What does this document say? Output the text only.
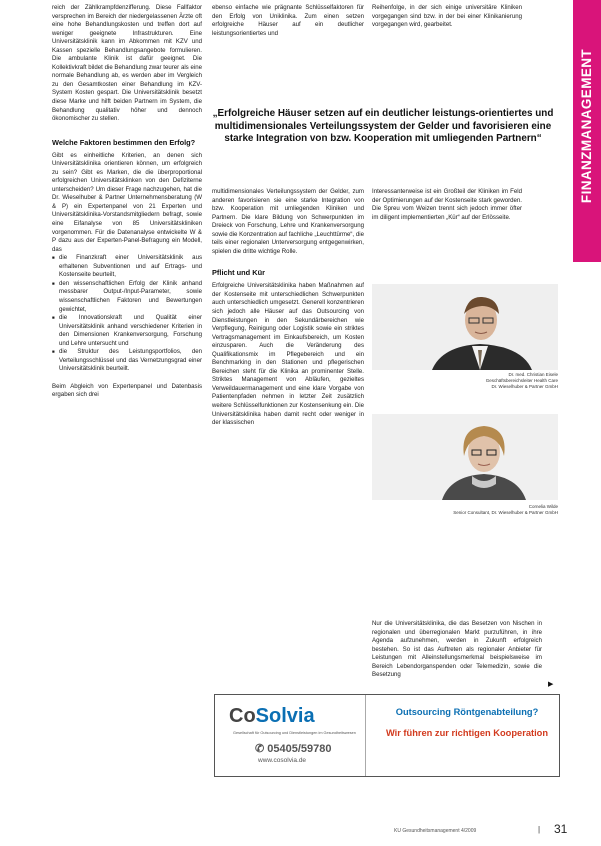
FINANZMANAGEMENT

reich der Zählkrampfdenzifferung. Diese Fallfaktor versprechen im Bereich der niedergelassenen Ärzte oft eine hohe Behandlungskosten und treffen dort auf weniger geeignete Infrastrukturen. Eine Universitätsklinik kann im Abkommen mit KZV und Kassen spezielle Behandlungsangebote formulieren. Die ambulante Klinik ist dafür geeignet. Die Kollektivkraft bildet die Behandlung zwar teurer als eine normale Behandlung ab, es werden aber im Vergleich zu den Gesamtkosten einer Behandlung im KZV-System Kosten gespart. Die Universitätsklinik besetzt diese Marke und hilft beiden Partnern im System, die Behandlung qualitativ höher und dennoch ökonomischer zu stellen.

Welche Faktoren bestimmen den Erfolg?

Gibt es einheitliche Kriterien, an denen sich Universitätsklinika orientieren können, um erfolgreich zu sein? Gibt es Marken, die die überproportional erfolgreichen Universitätsklinken von den Defiziterne unterscheiden? Um dieser Frage nachzugehen, hat die Dr. Wieselhuber & Partner Unternehmensberatung (W & P) ein Expertenpanel von 21 Experten und Universitätsklinika-Vorstandsmitgliedern befragt, sowie eine Eifanalyse von 85 Universitätskliniken vorgenommen. Für die Datenanalyse entwickelte W & P dazu aus der Experten-Panel-Befragung ein Modell, das

■ die Finanzkraft einer Universitätsklinik aus erhaltenen Subventionen und auf Ertrags- und Kostenseite beurteilt,
■ den wissenschaftlichen Erfolg der Klinik anhand messbarer Output-/Input-Parameter, sowie wissenschaftlichen Faktoren und Bewertungen gewichtet,
■ die Innovationskraft und Qualität einer Universitätsklinik anhand verschiedener Kriterien in den Dimensionen Krankenversorgung, Forschung und Lehre untersucht und
■ die Struktur des Leistungsportfolios, den Verteilungsschlüssel und das Vernetzungsgrad einer Universitätsklinik beurteilt.

Beim Abgleich von Expertenpanel und Datenbasis ergaben sich drei

ebenso einfache wie prägnante Schlüsselfaktoren für den Erfolg von Uniklinika. Zum einen setzen erfolgreiche Häuser auf ein deutlicher leistungsorientiertes und

multidimensionales Verteilungssystem der Gelder, zum anderen favorisieren sie eine starke Integration von bzw. Kooperation mit umliegenden Kliniken und Partnern. Die klare Bildung von Schwerpunkten im Dreieck von Forschung, Lehre und Krankenversorgung sowie die Konzentration auf fachliche „Leuchttürme“, die teils einer regionalen Unterversorgung entgegenwirken, spielen die dritte wichtige Rolle.

Pflicht und Kür

Erfolgreiche Universitätsklinika haben Maßnahmen auf der Kostenseite mit unterschiedlichen Schwerpunkten auch unterschiedlich umgesetzt. Generell konzentrieren sich jedoch alle Häuser auf das Outsourcing von Dienstleistungen in den Sekundärbereichen wie Verpflegung, Reinigung oder Logistik sowie ein striktes Vertragsmanagement im Einkaufsbereich, um Kosten einzusparen. Auch die Veränderung des Qualifikationsmix im Pflegebereich und ein Benchmarking in den Stationen und pflegerischen Bereichen steht für die Klinika an prominenter Stelle. Striktes Management von Abläufen, gezieltes Verweildauermanagement und eine klare Vorgabe von Patientenpfaden nehmen in letzter Zeit zusätzlich weitere Schlüsselfunktionen zur Kostensenkung ein. Die Universitätsklinika haben damit recht oder weniger in der klassischen

Reihenfolge, in der sich einige universitäre Kliniken vorgegangen sind bzw. in der bei einer Klinikanierung vorgegangen wird, gearbeitet.

Interessanterweise ist ein Großteil der Kliniken im Feld der Optimierungen auf der Kostenseite stark geworden. Die Spreu vom Weizen trennt sich jedoch immer öfter im diligent implementierten „Kür“ auf der Erlösseite.

Nur die Universitätsklinika, die das Besetzen von Nischen in regionalen und überregionalen Markt purzuführen, in ihre Agenda aufzunehmen, werden in Zukunft erfolgreich bestehen. So ist das Auftreten als regionaler Anbieter für Leistungen mit Alleinstellungsmerkmal beispielsweise im Bereich Lebendorganspenden oder Telemedizin, sowie die Besetzung

▶
„Erfolgreiche Häuser setzen auf ein deutlicher leistungs-orientiertes und multidimensionales Verteilungssystem der Gelder und favorisieren eine starke Integration von bzw. Kooperation mit umliegenden Partnern“
Dr. med. Christian Eisele
Geschäftsbereichsleiter Health Care
Dr. Wieselhuber & Partner GmbH
Cornelia Wilde
Senior Consultant, Dr. Wieselhuber & Partner GmbH
CoSolvia
Gesellschaft für Outsourcing und Dienstleistungen im Gesundheitswesen
✆ 05405/59780
www.cosolvia.de
Outsourcing Röntgenabteilung?
Wir führen zur richtigen Kooperation
KU Gesundheitsmanagement 4/2009	| 31
